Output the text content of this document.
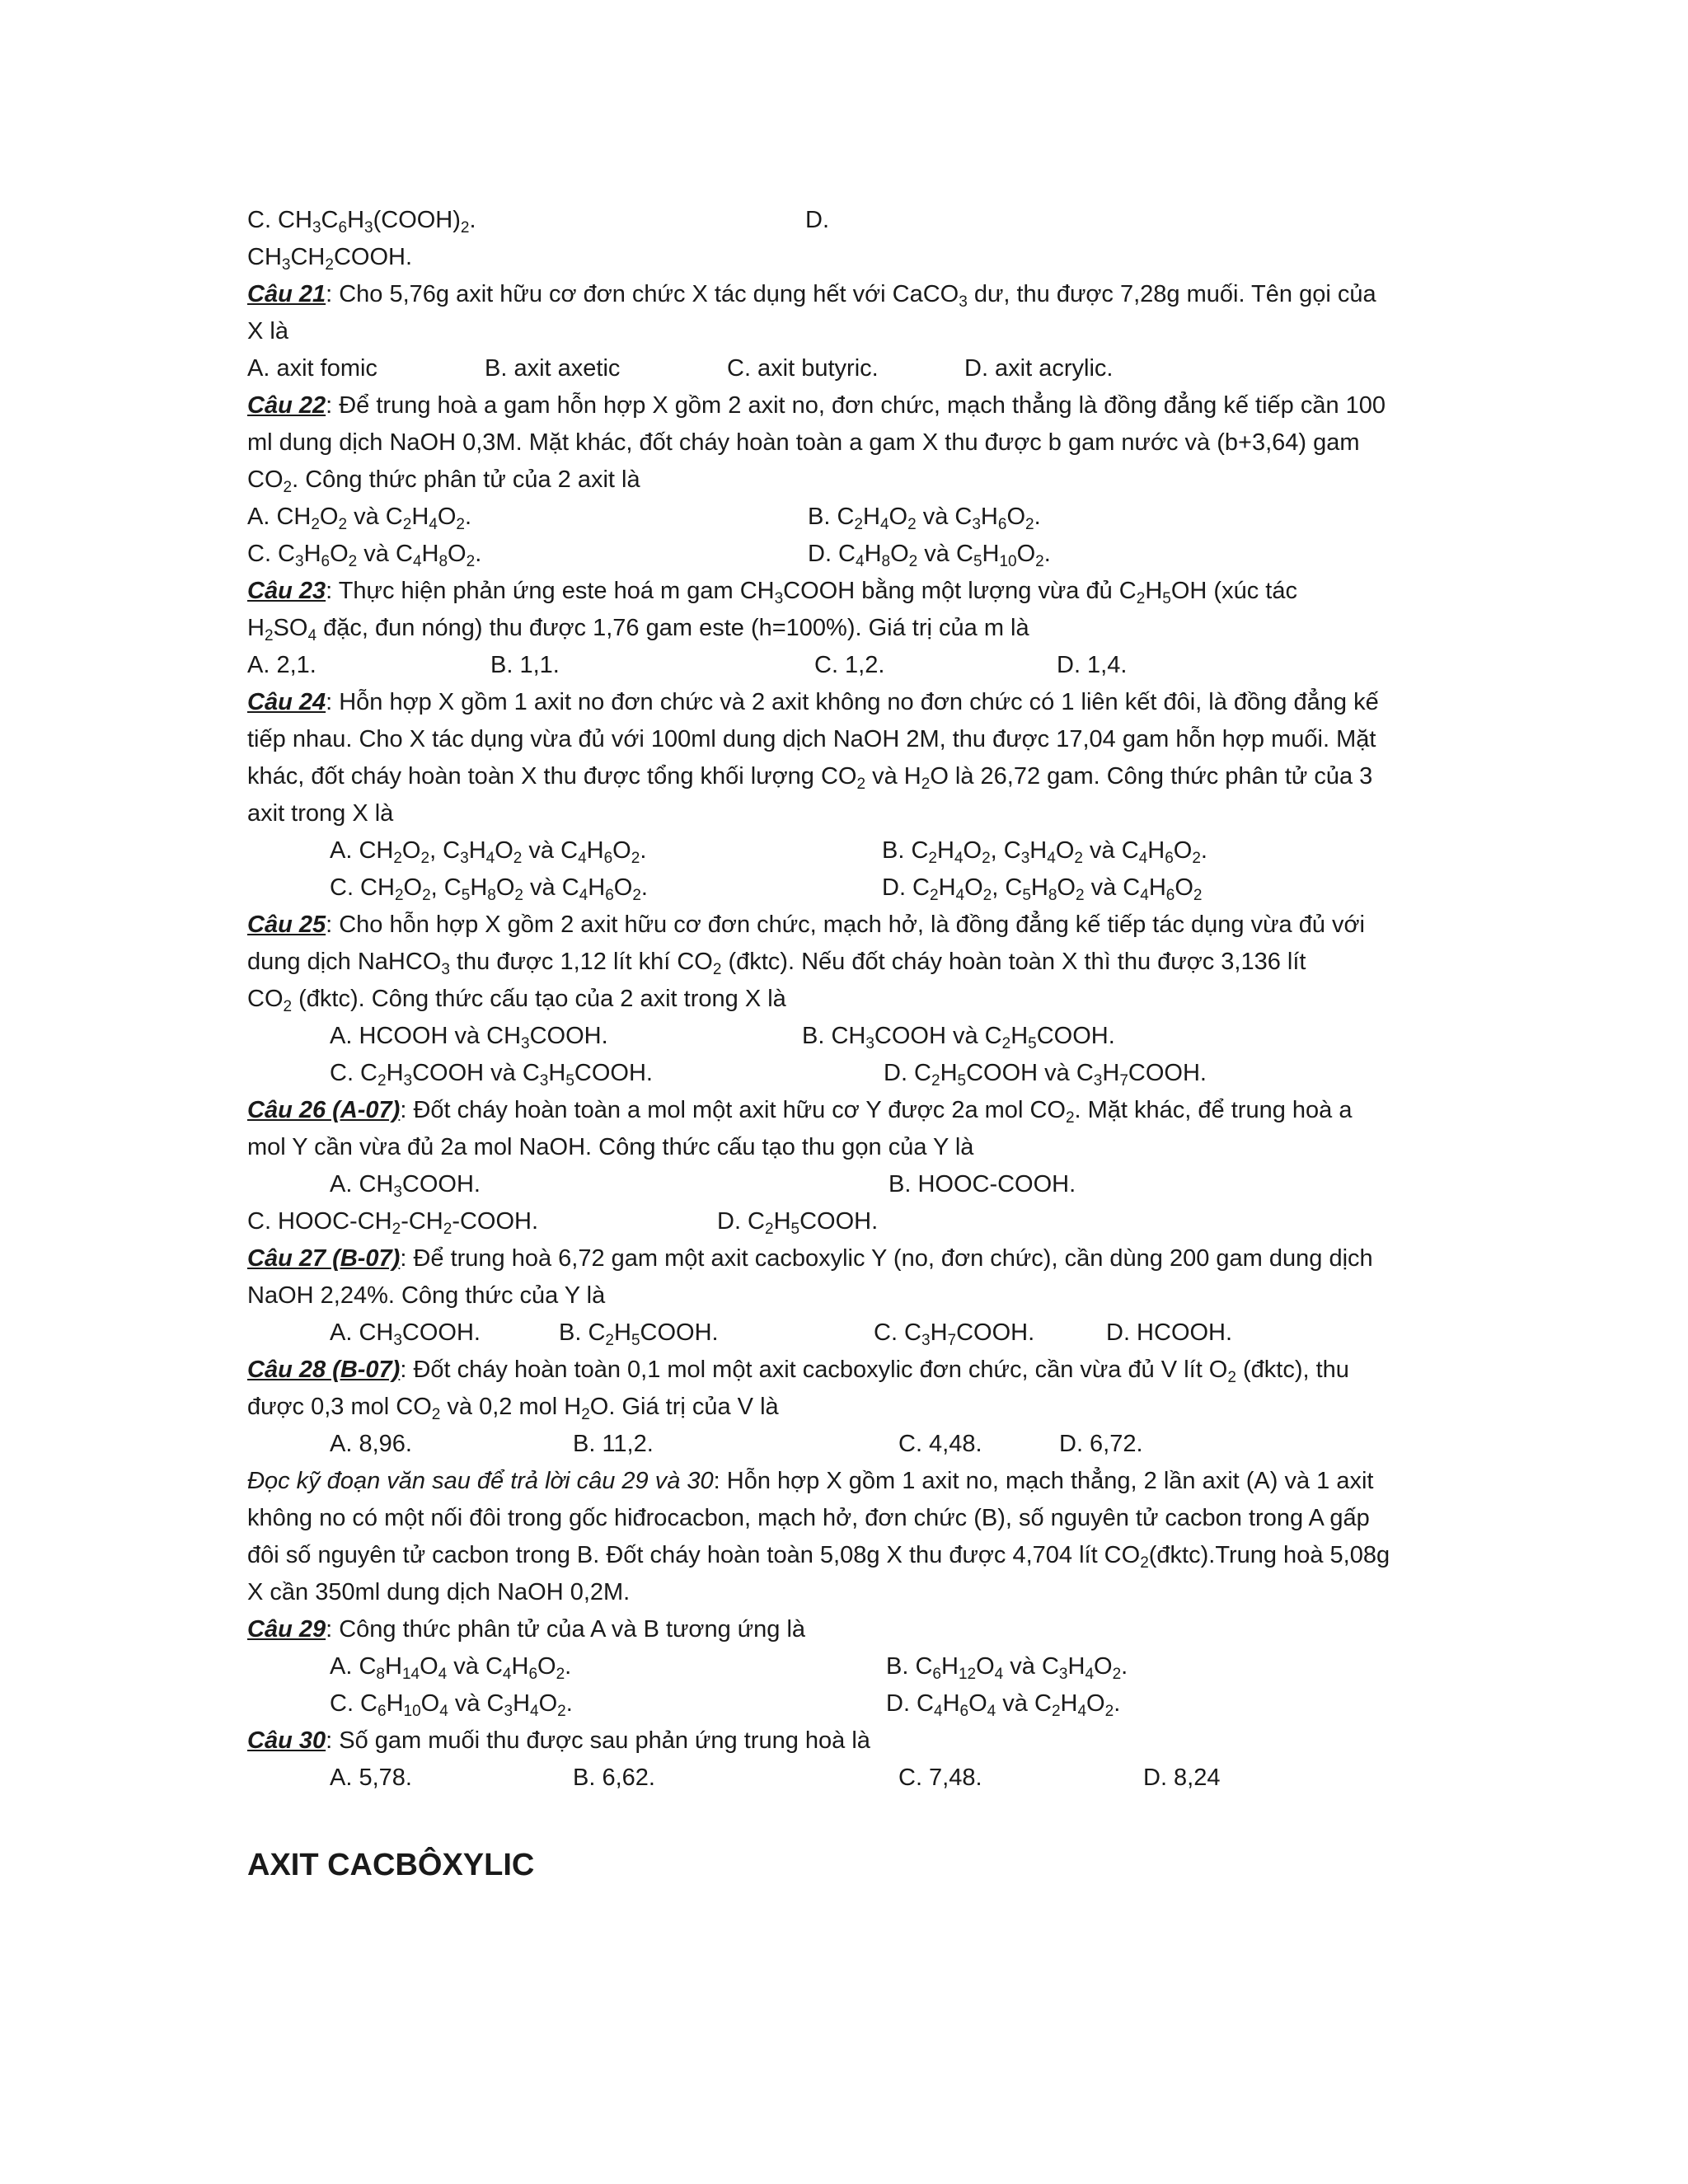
C. $CH_3C_6H_3(COOH)_2$.	D.
$CH_3CH_2COOH$.
Câu 21: Cho 5,76g axit hữu cơ đơn chức X tác dụng hết với CaCO$_3$ dư, thu được 7,28g muối. Tên gọi của
X là
A. axit fomic	B. axit axetic	C. axit butyric.	D. axit acrylic.
Câu 22: Để trung hoà a gam hỗn hợp X gồm 2 axit no, đơn chức, mạch thẳng là đồng đẳng kế tiếp cần 100
ml dung dịch NaOH 0,3M. Mặt khác, đốt cháy hoàn toàn a gam X thu được b gam nước và (b+3,64) gam
$CO_2$. Công thức phân tử của 2 axit là
A. $CH_2O_2$ và $C_2H_4O_2$.	B. $C_2H_4O_2$ và $C_3H_6O_2$.
C. $C_3H_6O_2$ và $C_4H_8O_2$.	D. $C_4H_8O_2$ và $C_5H_{10}O_2$.
Câu 23: Thực hiện phản ứng este hoá m gam $CH_3COOH$ bằng một lượng vừa đủ $C_2H_5OH$ (xúc tác
$H_2SO_4$ đặc, đun nóng) thu được 1,76 gam este (h=100%). Giá trị của m là
A. 2,1.	B. 1,1.	C. 1,2.	D. 1,4.
Câu 24: Hỗn hợp X gồm 1 axit no đơn chức và 2 axit không no đơn chức có 1 liên kết đôi, là đồng đẳng kế
tiếp nhau. Cho X tác dụng vừa đủ với 100ml dung dịch NaOH 2M, thu được 17,04 gam hỗn hợp muối. Mặt
khác, đốt cháy hoàn toàn X thu được tổng khối lượng $CO_2$ và $H_2O$ là 26,72 gam. Công thức phân tử của 3
axit trong X là
A. $CH_2O_2$, $C_3H_4O_2$ và $C_4H_6O_2$.	B. $C_2H_4O_2$, $C_3H_4O_2$ và $C_4H_6O_2$.
C. $CH_2O_2$, $C_5H_8O_2$ và $C_4H_6O_2$.	D. $C_2H_4O_2$, $C_5H_8O_2$ và $C_4H_6O_2$
Câu 25: Cho hỗn hợp X gồm 2 axit hữu cơ đơn chức, mạch hở, là đồng đẳng kế tiếp tác dụng vừa đủ với
dung dịch NaHCO$_3$ thu được 1,12 lít khí $CO_2$ (đktc). Nếu đốt cháy hoàn toàn X thì thu được 3,136 lít
$CO_2$ (đktc). Công thức cấu tạo của 2 axit trong X là
A. HCOOH và $CH_3COOH$.	B. $CH_3COOH$ và $C_2H_5COOH$.
C. $C_2H_3COOH$ và $C_3H_5COOH$.	D. $C_2H_5COOH$ và $C_3H_7COOH$.
Câu 26 (A-07): Đốt cháy hoàn toàn a mol một axit hữu cơ Y được 2a mol $CO_2$. Mặt khác, để trung hoà a
mol Y cần vừa đủ 2a mol NaOH. Công thức cấu tạo thu gọn của Y là
A. $CH_3COOH$.	B. HOOC-COOH.
C. HOOC-$CH_2-CH_2$-COOH.	D. $C_2H_5COOH$.
Câu 27 (B-07): Để trung hoà 6,72 gam một axit cacboxylic Y (no, đơn chức), cần dùng 200 gam dung dịch
NaOH 2,24%. Công thức của Y là
A. $CH_3COOH$.	B. $C_2H_5COOH$.	C. $C_3H_7COOH$.	D. HCOOH.
Câu 28 (B-07): Đốt cháy hoàn toàn 0,1 mol một axit cacboxylic đơn chức, cần vừa đủ V lít $O_2$ (đktc), thu
được 0,3 mol $CO_2$ và 0,2 mol $H_2O$. Giá trị của V là
A. 8,96.	B. 11,2.	C. 4,48.	D. 6,72.
Đọc kỹ đoạn văn sau để trả lời câu 29 và 30: Hỗn hợp X gồm 1 axit no, mạch thẳng, 2 lần axit (A) và 1 axit
không no có một nối đôi trong gốc hiđrocacbon, mạch hở, đơn chức (B), số nguyên tử cacbon trong A gấp
đôi số nguyên tử cacbon trong B. Đốt cháy hoàn toàn 5,08g X thu được 4,704 lít $CO_2(đktc).Trung$ hoà 5,08g
X cần 350ml dung dịch NaOH 0,2M.
Câu 29: Công thức phân tử của A và B tương ứng là
A. $C_8H_{14}O_4$ và $C_4H_6O_2$.	B. $C_6H_{12}O_4$ và $C_3H_4O_2$.
C. $C_6H_{10}O_4$ và $C_3H_4O_2$.	D. $C_4H_6O_4$ và $C_2H_4O_2$.
Câu 30: Số gam muối thu được sau phản ứng trung hoà là
A. 5,78.	B. 6,62.	C. 7,48.	D. 8,24
AXIT CACBÔXYLIC
